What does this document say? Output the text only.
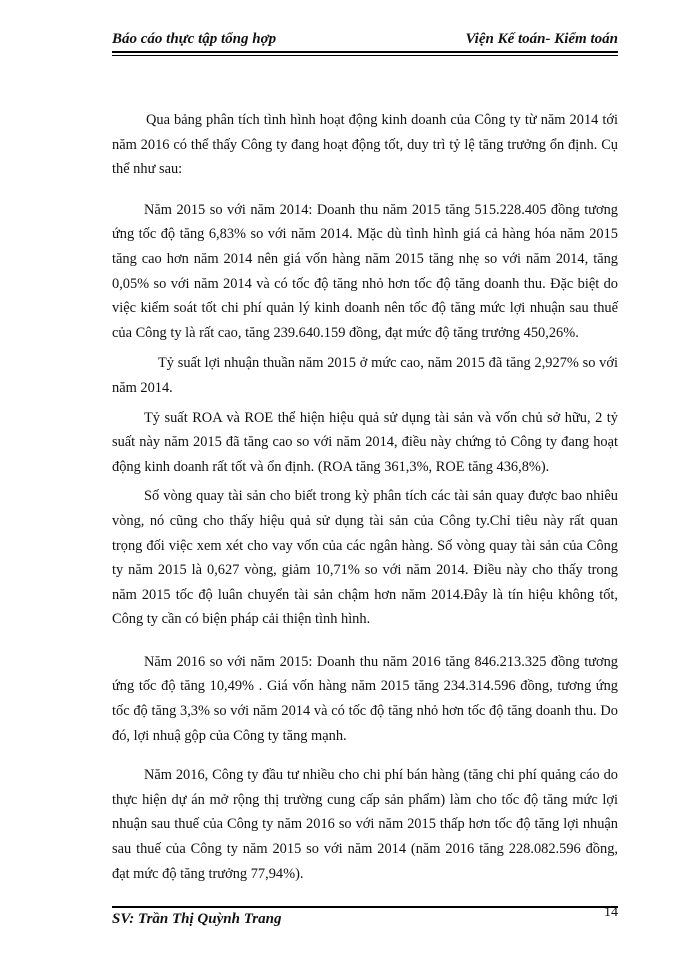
Báo cáo thực tập tổng hợp	Viện Kế toán- Kiểm toán

Qua bảng phân tích tình hình hoạt động kinh doanh của Công ty từ năm 2014 tới năm 2016 có thể thấy Công ty đang hoạt động tốt, duy trì tỷ lệ tăng trưởng ổn định. Cụ thể như sau:

Năm 2015 so với năm 2014: Doanh thu năm 2015 tăng 515.228.405 đồng tương ứng tốc độ tăng 6,83% so với năm 2014. Mặc dù tình hình giá cả hàng hóa năm 2015 tăng cao hơn năm 2014 nên giá vốn hàng năm 2015 tăng nhẹ so với năm 2014, tăng 0,05% so với năm 2014 và có tốc độ tăng nhỏ hơn tốc độ tăng doanh thu. Đặc biệt do việc kiểm soát tốt chi phí quản lý kinh doanh nên tốc độ tăng mức lợi nhuận sau thuế của Công ty là rất cao, tăng 239.640.159 đồng, đạt mức độ tăng trưởng 450,26%.

Tỷ suất lợi nhuận thuần năm 2015 ở mức cao, năm 2015 đã tăng 2,927% so với năm 2014.

Tỷ suất ROA và ROE thể hiện hiệu quả sử dụng tài sản và vốn chủ sở hữu, 2 tỷ suất này năm 2015 đã tăng cao so với năm 2014, điều này chứng tỏ Công ty đang hoạt động kinh doanh rất tốt và ổn định. (ROA tăng 361,3%, ROE tăng 436,8%).

Số vòng quay tài sản cho biết trong kỳ phân tích các tài sản quay được bao nhiêu vòng, nó cũng cho thấy hiệu quả sử dụng tài sản của Công ty.Chỉ tiêu này rất quan trọng đối việc xem xét cho vay vốn của các ngân hàng. Số vòng quay tài sản của Công ty năm 2015 là 0,627 vòng, giảm 10,71% so với năm 2014. Điều này cho thấy trong năm 2015 tốc độ luân chuyển tài sản chậm hơn năm 2014.Đây là tín hiệu không tốt, Công ty cần có biện pháp cải thiện tình hình.

Năm 2016 so với năm 2015: Doanh thu năm 2016 tăng 846.213.325 đồng tương ứng tốc độ tăng 10,49% . Giá vốn hàng năm 2015 tăng 234.314.596 đồng, tương ứng tốc độ tăng 3,3% so với năm 2014 và có tốc độ tăng nhỏ hơn tốc độ tăng doanh thu. Do đó, lợi nhuậ gộp của Công ty tăng mạnh.

Năm 2016, Công ty đầu tư nhiều cho chi phí bán hàng (tăng chi phí quảng cáo do thực hiện dự án mở rộng thị trường cung cấp sản phẩm) làm cho tốc độ tăng mức lợi nhuận sau thuế của Công ty năm 2016 so với năm 2015 thấp hơn tốc độ tăng lợi nhuận sau thuế của Công ty năm 2015 so với năm 2014 (năm 2016 tăng 228.082.596 đồng, đạt mức độ tăng trưởng 77,94%).

SV: Trần Thị Quỳnh Trang	14
